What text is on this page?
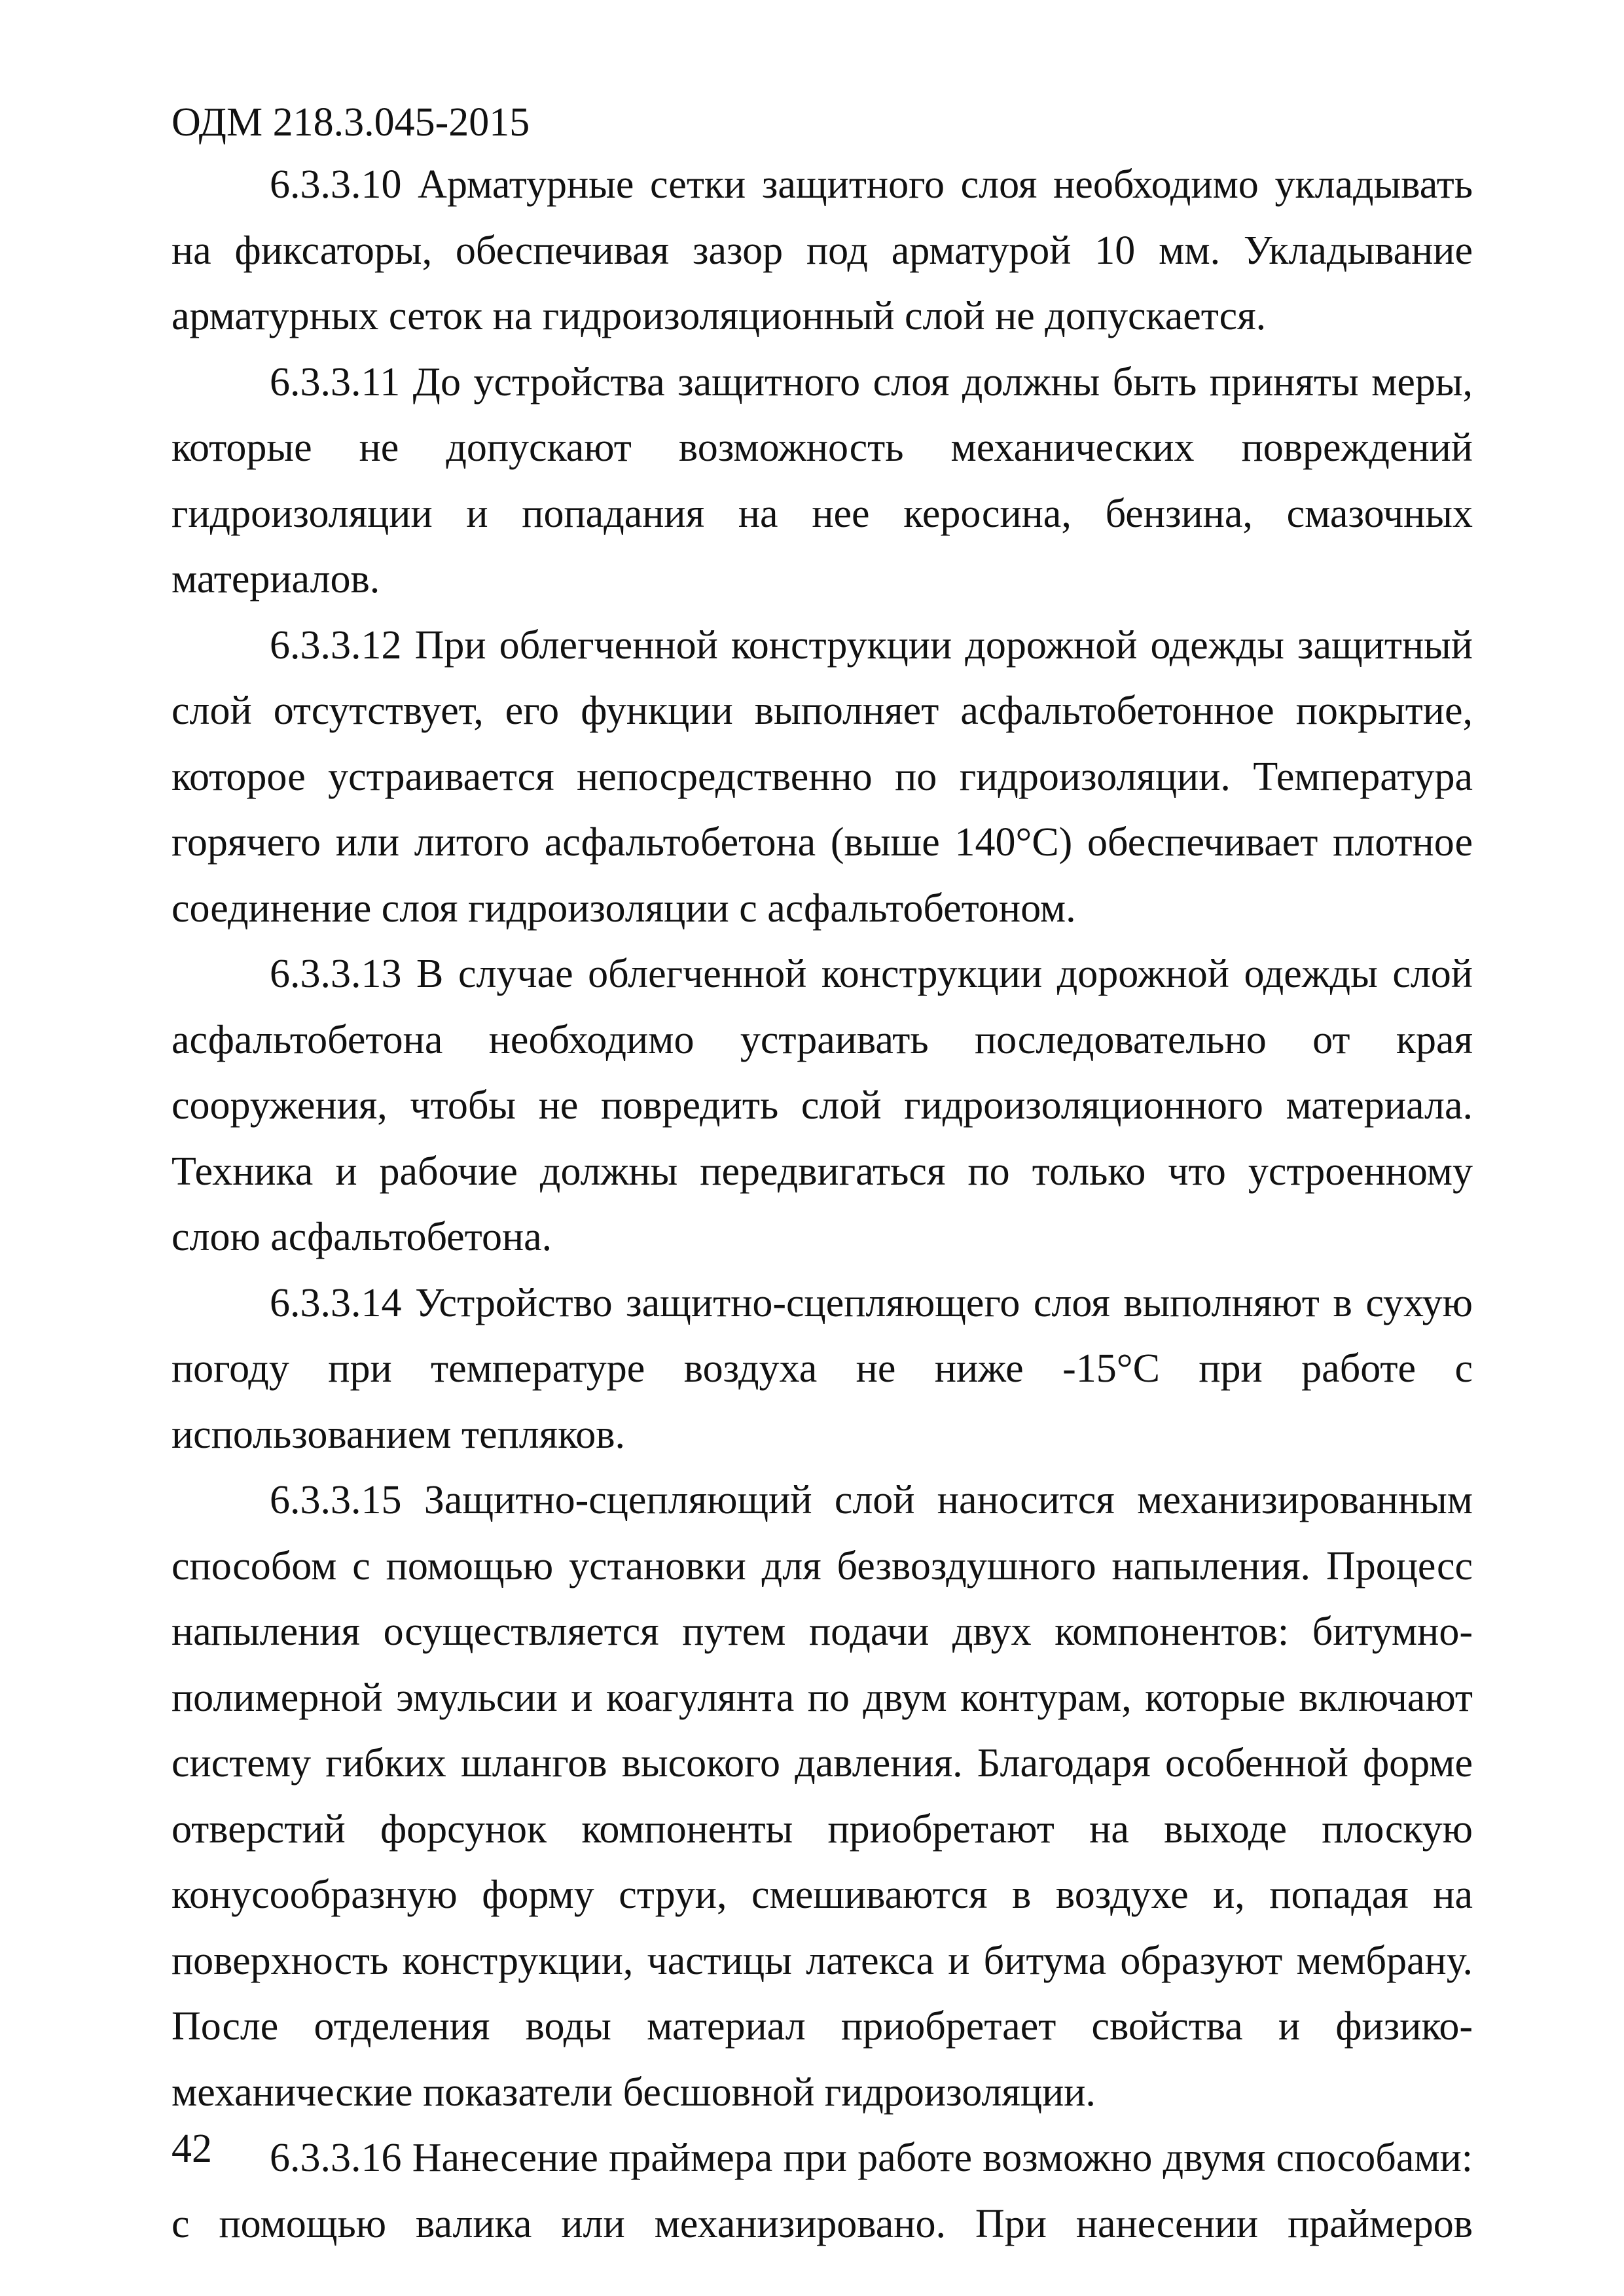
ОДМ 218.3.045-2015

6.3.3.10 Арматурные сетки защитного слоя необходимо укладывать на фиксаторы, обеспечивая зазор под арматурой 10 мм. Укладывание арматурных сеток на гидроизоляционный слой не допускается.

6.3.3.11 До устройства защитного слоя должны быть приняты меры, которые не допускают возможность механических повреждений гидроизоляции и попадания на нее керосина, бензина, смазочных материалов.

6.3.3.12 При облегченной конструкции дорожной одежды защитный слой отсутствует, его функции выполняет асфальтобетонное покрытие, которое устраивается непосредственно по гидроизоляции. Температура горячего или литого асфальтобетона (выше 140°С) обеспечивает плотное соединение слоя гидроизоляции с асфальтобетоном.

6.3.3.13 В случае облегченной конструкции дорожной одежды слой асфальтобетона необходимо устраивать последовательно от края сооружения, чтобы не повредить слой гидроизоляционного материала. Техника и рабочие должны передвигаться по только что устроенному слою асфальтобетона.

6.3.3.14 Устройство защитно-сцепляющего слоя выполняют в сухую погоду при температуре воздуха не ниже -15°С при работе с использованием тепляков.

6.3.3.15 Защитно-сцепляющий слой наносится механизированным способом с помощью установки для безвоздушного напыления. Процесс напыления осуществляется путем подачи двух компонентов: битумно-полимерной эмульсии и коагулянта по двум контурам, которые включают систему гибких шлангов высокого давления. Благодаря особенной форме отверстий форсунок компоненты приобретают на выходе плоскую конусообразную форму струи, смешиваются в воздухе и, попадая на поверхность конструкции, частицы латекса и битума образуют мембрану. После отделения воды материал приобретает свойства и физико-механические показатели бесшовной гидроизоляции.

6.3.3.16 Нанесение праймера при работе возможно двумя способами: с помощью валика или механизировано. При нанесении праймеров

42
